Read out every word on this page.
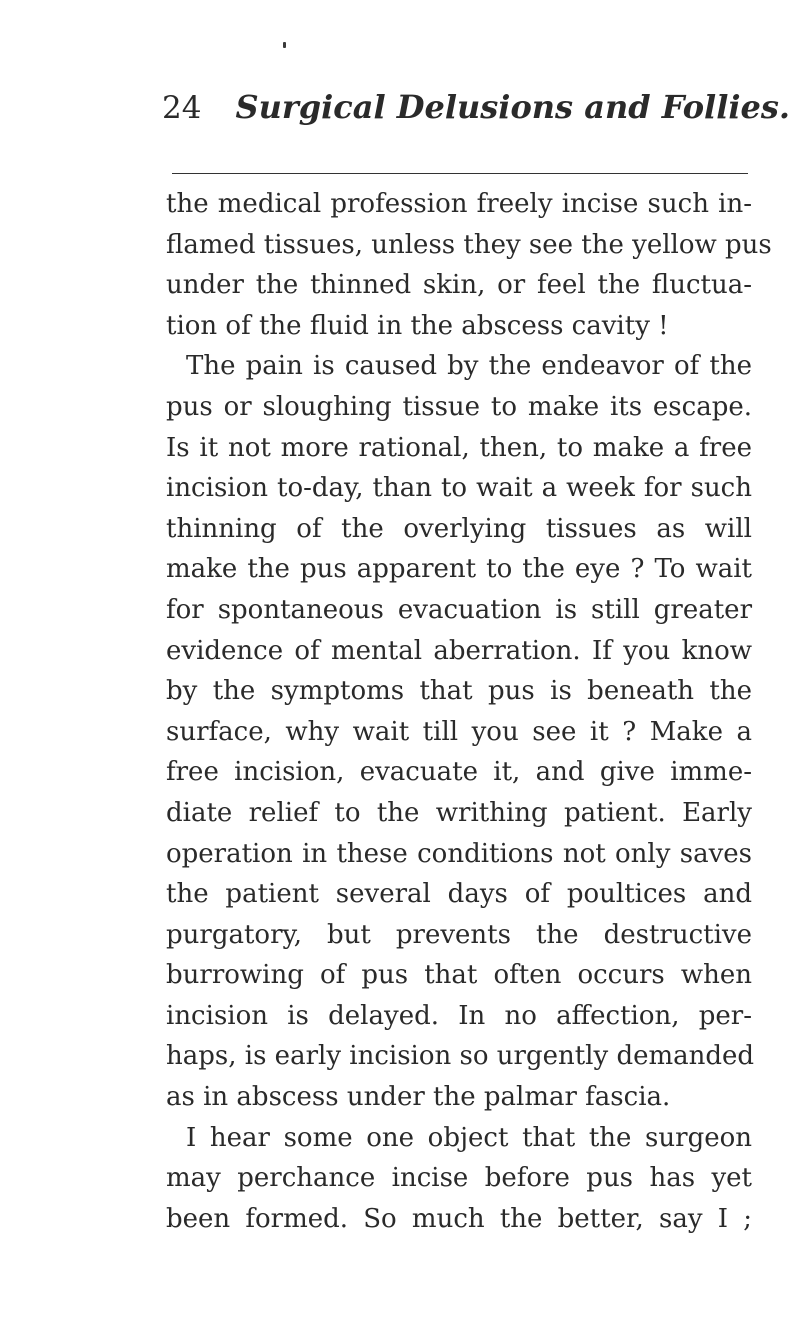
24 Surgical Delusions and Follies.
the medical profession freely incise such in-
flamed tissues, unless they see the yellow pus
under the thinned skin, or feel the fluctua-
tion of the fluid in the abscess cavity !
The pain is caused by the endeavor of the
pus or sloughing tissue to make its escape.
Is it not more rational, then, to make a free
incision to-day, than to wait a week for such
thinning of the overlying tissues as will
make the pus apparent to the eye ? To wait
for spontaneous evacuation is still greater
evidence of mental aberration. If you know
by the symptoms that pus is beneath the
surface, why wait till you see it ? Make a
free incision, evacuate it, and give imme-
diate relief to the writhing patient. Early
operation in these conditions not only saves
the patient several days of poultices and
purgatory, but prevents the destructive
burrowing of pus that often occurs when
incision is delayed. In no affection, per-
haps, is early incision so urgently demanded
as in abscess under the palmar fascia.
I hear some one object that the surgeon
may perchance incise before pus has yet
been formed. So much the better, say I ;
